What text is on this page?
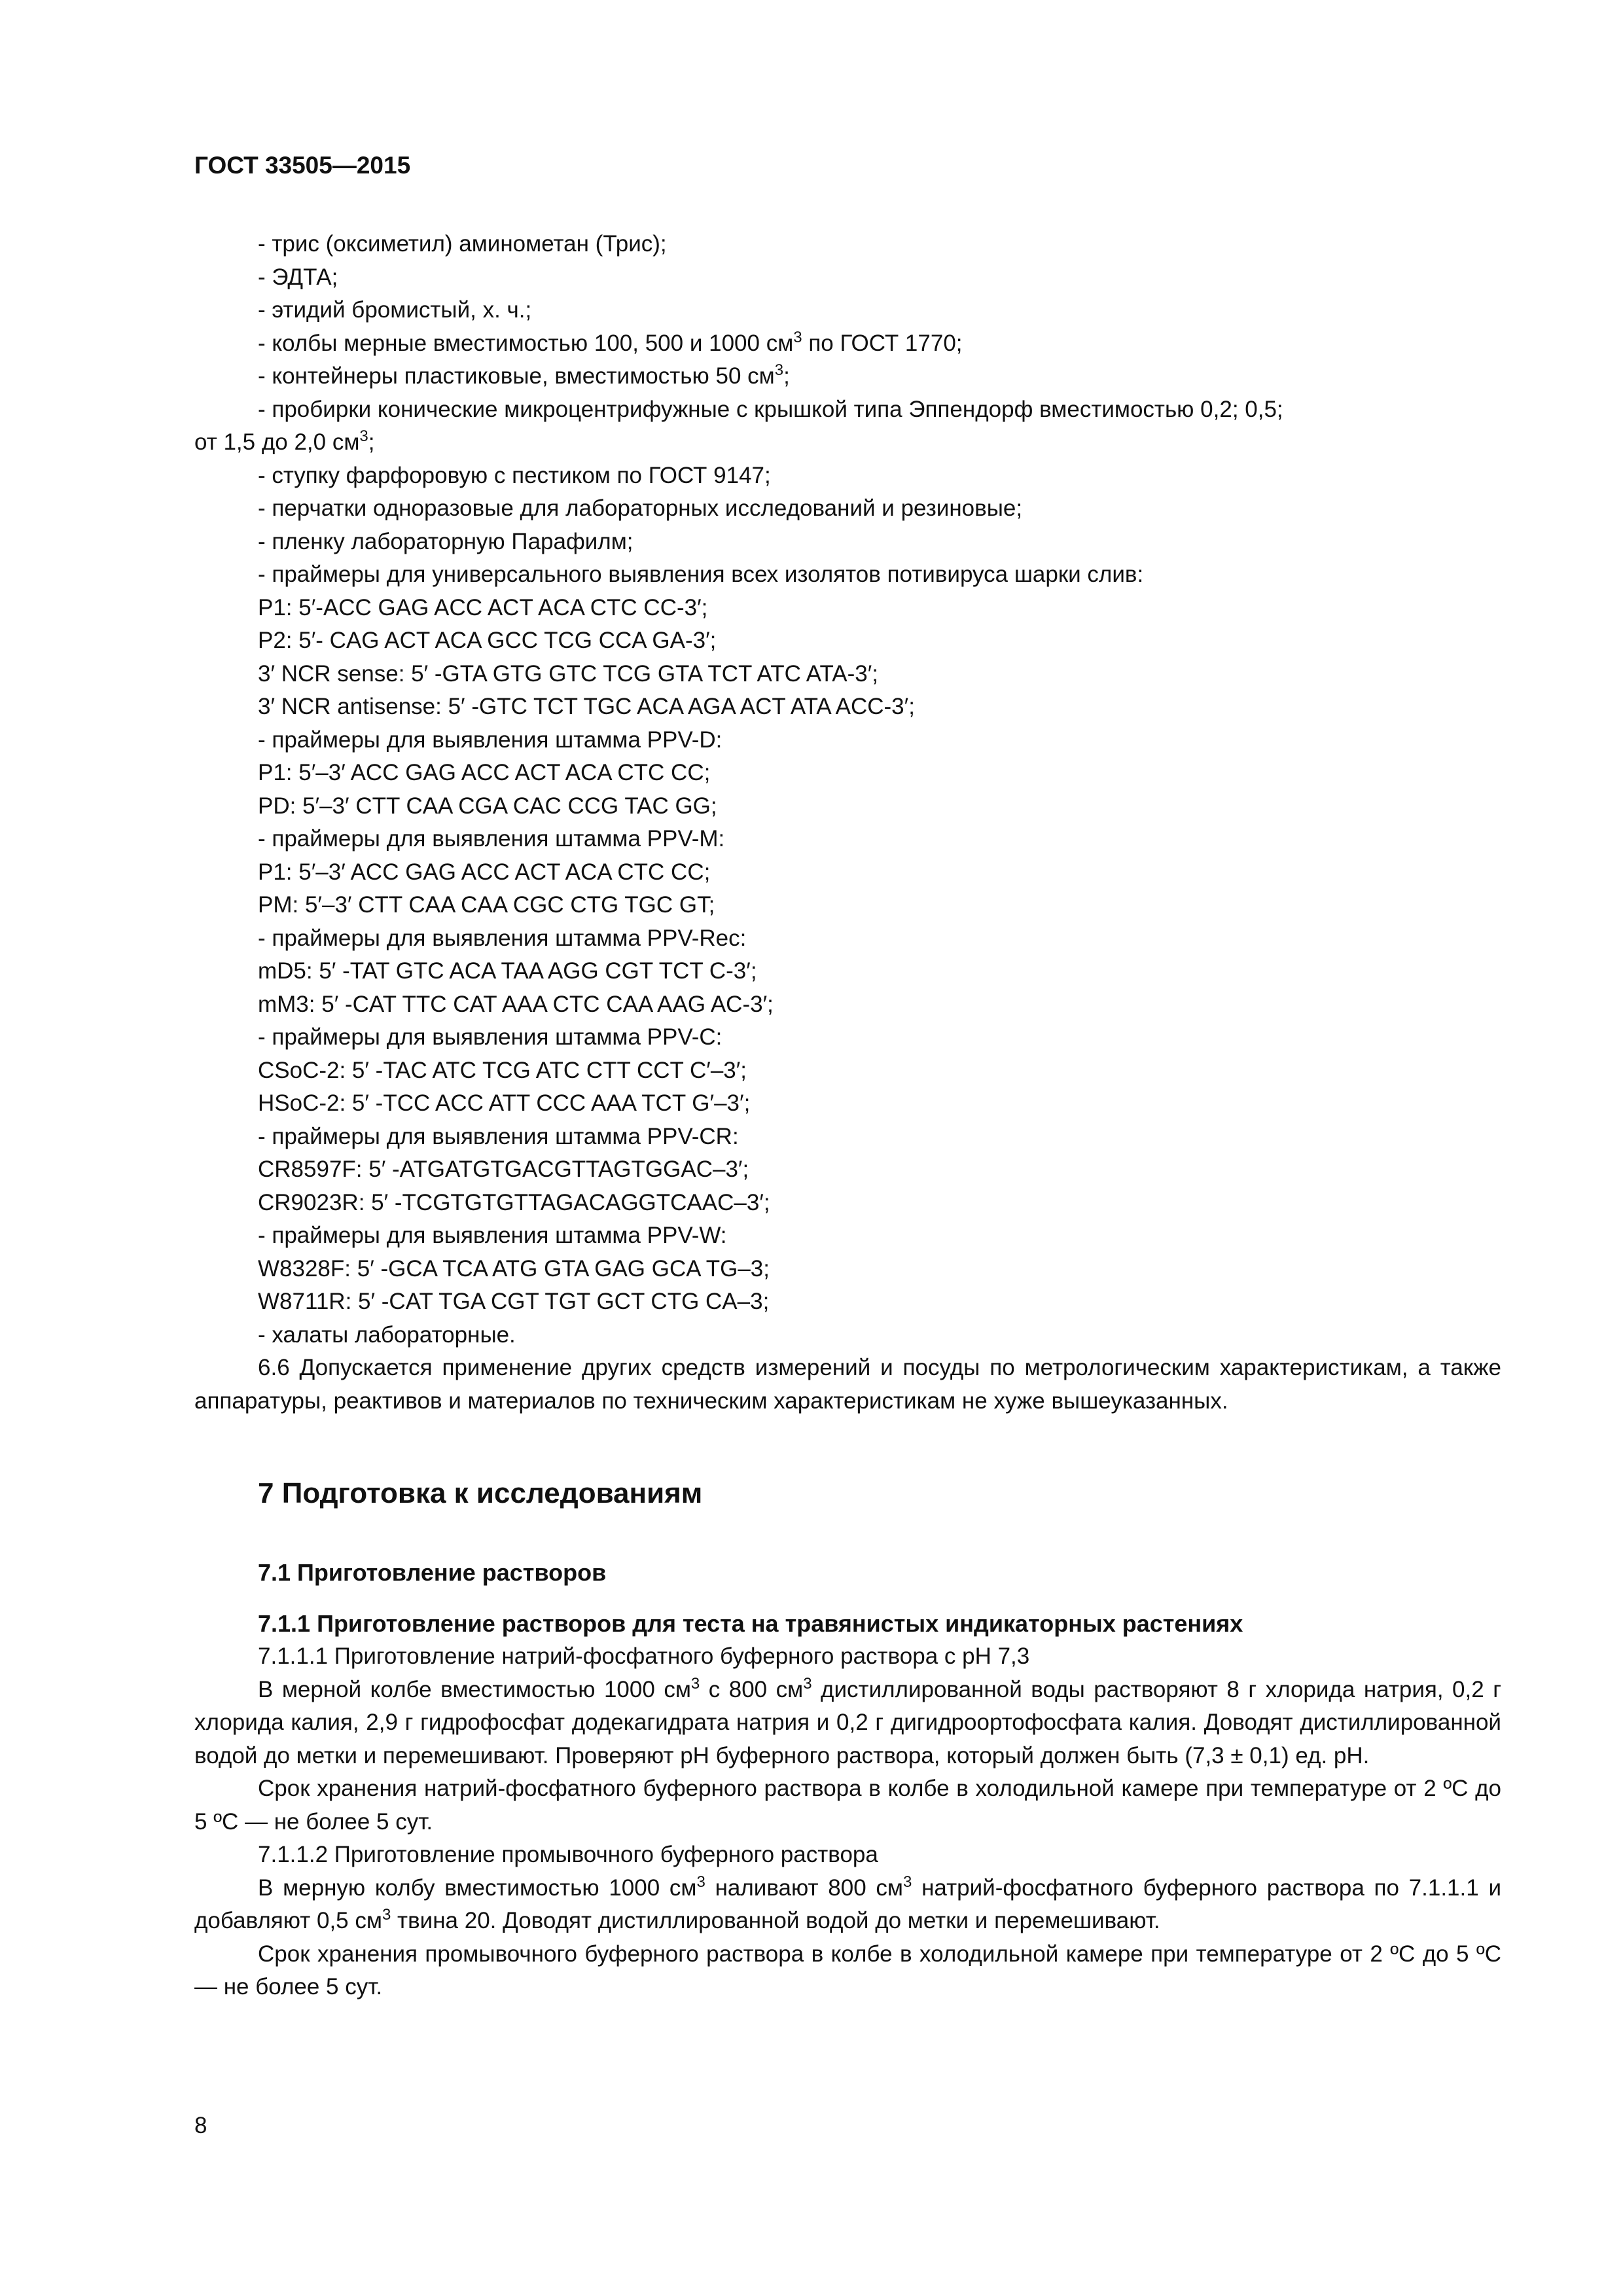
ГОСТ 33505—2015
- трис (оксиметил) аминометан (Трис);
- ЭДТА;
- этидий бромистый, х. ч.;
- колбы мерные вместимостью 100, 500 и 1000 $см^3$ по ГОСТ 1770;
- контейнеры пластиковые, вместимостью 50 $см^3$;
- пробирки конические микроцентрифужные с крышкой типа Эппендорф вместимостью 0,2; 0,5;
от 1,5 до 2,0 $см^3$;
- ступку фарфоровую с пестиком по ГОСТ 9147;
- перчатки одноразовые для лабораторных исследований и резиновые;
- пленку лабораторную Парафилм;
- праймеры для универсального выявления всех изолятов потивируса шарки слив:
P1: 5′-ACC GAG ACC ACT ACA CTC CC-3′;
P2: 5′- CAG ACT ACA GCC TCG CCA GA-3′;
3′ NCR sense: 5′ -GTA GTG GTC TCG GTA TCT ATC ATA-3′;
3′ NCR antisense: 5′ -GTC TCT TGC ACA AGA ACT ATA ACC-3′;
- праймеры для выявления штамма PPV-D:
P1: 5′–3′ ACC GAG ACC ACT ACA CTC CC;
PD: 5′–3′ CTT CAA CGA CAC CCG TAC GG;
- праймеры для выявления штамма PPV-M:
P1: 5′–3′ ACC GAG ACC ACT ACA CTC CC;
PM: 5′–3′ CTT CAA CAA CGC CTG TGC GT;
- праймеры для выявления штамма PPV-Rec:
mD5: 5′ -TAT GTC ACA TAA AGG CGT TCT C-3′;
mM3: 5′ -CAT TTC CAT AAA CTC CAA AAG AC-3′;
- праймеры для выявления штамма PPV-C:
CSoC-2: 5′ -TAC ATC TCG ATC CTT CCT C′–3′;
HSoC-2: 5′ -TCC ACC ATT CCC AAA TCT G′–3′;
- праймеры для выявления штамма PPV-CR:
CR8597F: 5′ -ATGATGTGACGTTAGTGGAC–3′;
CR9023R: 5′ -TCGTGTGTTAGACAGGTCAAC–3′;
- праймеры для выявления штамма PPV-W:
W8328F: 5′ -GCA TCA ATG GTA GAG GCA TG–3;
W8711R: 5′ -CAT TGA CGT TGT GCT CTG CA–3;
- халаты лабораторные.

6.6 Допускается применение других средств измерений и посуды по метрологическим характеристикам, а также аппаратуры, реактивов и материалов по техническим характеристикам не хуже вышеуказанных.

7 Подготовка к исследованиям
7.1 Приготовление растворов
7.1.1 Приготовление растворов для теста на травянистых индикаторных растениях
7.1.1.1 Приготовление натрий-фосфатного буферного раствора с pH 7,3

В мерной колбе вместимостью 1000 $см^3$ с 800 $см^3$ дистиллированной воды растворяют 8 г хлорида натрия, 0,2 г хлорида калия, 2,9 г гидрофосфат додекагидрата натрия и 0,2 г дигидроортофосфата калия. Доводят дистиллированной водой до метки и перемешивают. Проверяют pH буферного раствора, который должен быть (7,3 ± 0,1) ед. pH.

Срок хранения натрий-фосфатного буферного раствора в колбе в холодильной камере при температуре от 2 ºС до 5 ºС — не более 5 сут.

7.1.1.2 Приготовление промывочного буферного раствора

В мерную колбу вместимостью 1000 $см^3$ наливают 800 $см^3$ натрий-фосфатного буферного раствора по 7.1.1.1 и добавляют 0,5 $см^3$ твина 20. Доводят дистиллированной водой до метки и перемешивают.

Срок хранения промывочного буферного раствора в колбе в холодильной камере при температуре от 2 ºС до 5 ºС — не более 5 сут.

8
